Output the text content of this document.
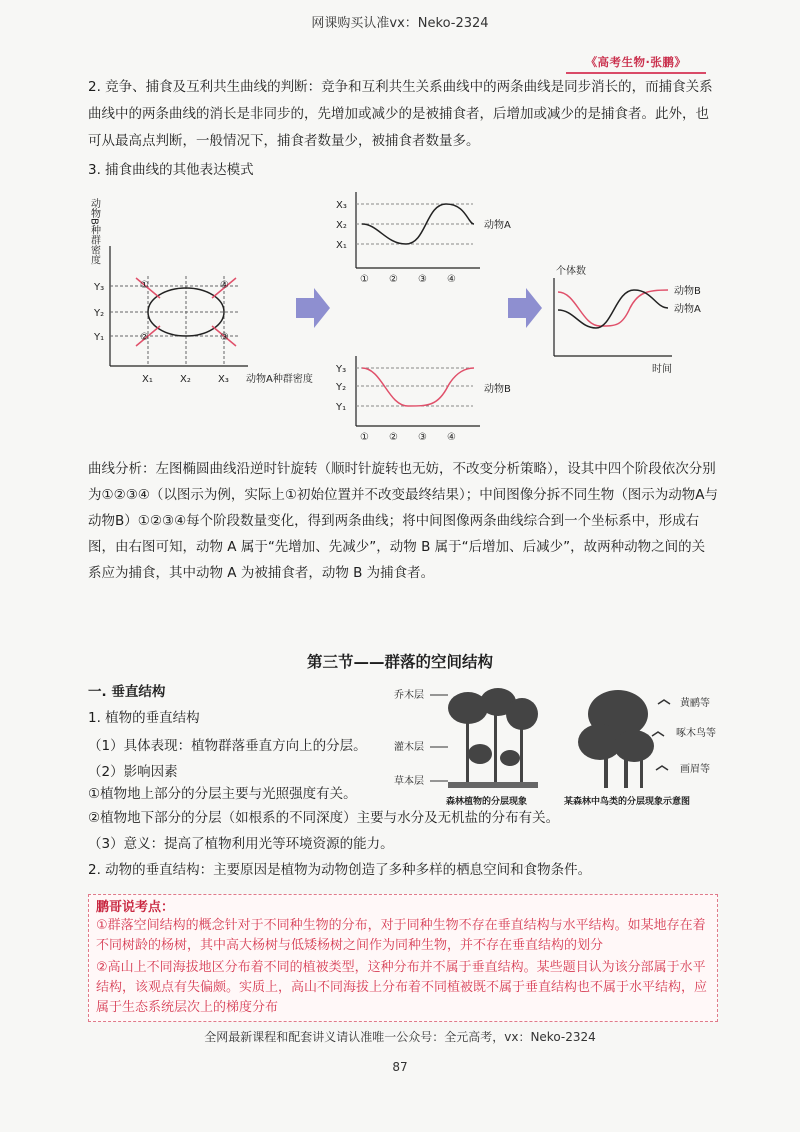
网课购买认准vx：Neko-2324
《高考生物·张鹏》
2. 竞争、捕食及互利共生曲线的判断：竞争和互利共生关系曲线中的两条曲线是同步消长的，而捕食关系曲线中的两条曲线的消长是非同步的，先增加或减少的是被捕食者，后增加或减少的是捕食者。此外，也可从最高点判断，一般情况下，捕食者数量少，被捕食者数量多。
3. 捕食曲线的其他表达模式
动物B种群密度
Y₃
Y₂
Y₁
X₁	X₂	X₃ 动物A种群密度
①
②	③
④
X₃
X₂
X₁
动物A
① ② ③ ④
Y₃
Y₂
Y₁
动物B
① ② ③ ④
个体数
动物B
动物A
时间
曲线分析：左图椭圆曲线沿逆时针旋转（顺时针旋转也无妨，不改变分析策略），设其中四个阶段依次分别为①②③④（以图示为例，实际上①初始位置并不改变最终结果）；中间图像分拆不同生物（图示为动物A与动物B）①②③④每个阶段数量变化，得到两条曲线；将中间图像两条曲线综合到一个坐标系中，形成右图，由右图可知，动物 A 属于“先增加、先减少”，动物 B 属于“后增加、后减少”，故两种动物之间的关系应为捕食，其中动物 A 为被捕食者，动物 B 为捕食者。
第三节——群落的空间结构
一. 垂直结构
1. 植物的垂直结构
（1）具体表现：植物群落垂直方向上的分层。
（2）影响因素
①植物地上部分的分层主要与光照强度有关。
②植物地下部分的分层（如根系的不同深度）主要与水分及无机盐的分布有关。
（3）意义：提高了植物利用光等环境资源的能力。
2. 动物的垂直结构：主要原因是植物为动物创造了多种多样的栖息空间和食物条件。
乔木层
灌木层
草本层
森林植物的分层现象
黄鹂等
啄木鸟等
画眉等
某森林中鸟类的分层现象示意图
鹏哥说考点：
①群落空间结构的概念针对于不同种生物的分布，对于同种生物不存在垂直结构与水平结构。如某地存在着不同树龄的杨树，其中高大杨树与低矮杨树之间作为同种生物，并不存在垂直结构的划分
②高山上不同海拔地区分布着不同的植被类型，这种分布并不属于垂直结构。某些题目认为该分部属于水平结构，该观点有失偏颇。实质上，高山不同海拔上分布着不同植被既不属于垂直结构也不属于水平结构，应属于生态系统层次上的梯度分布
全网最新课程和配套讲义请认准唯一公众号：全元高考，vx：Neko-2324
87
